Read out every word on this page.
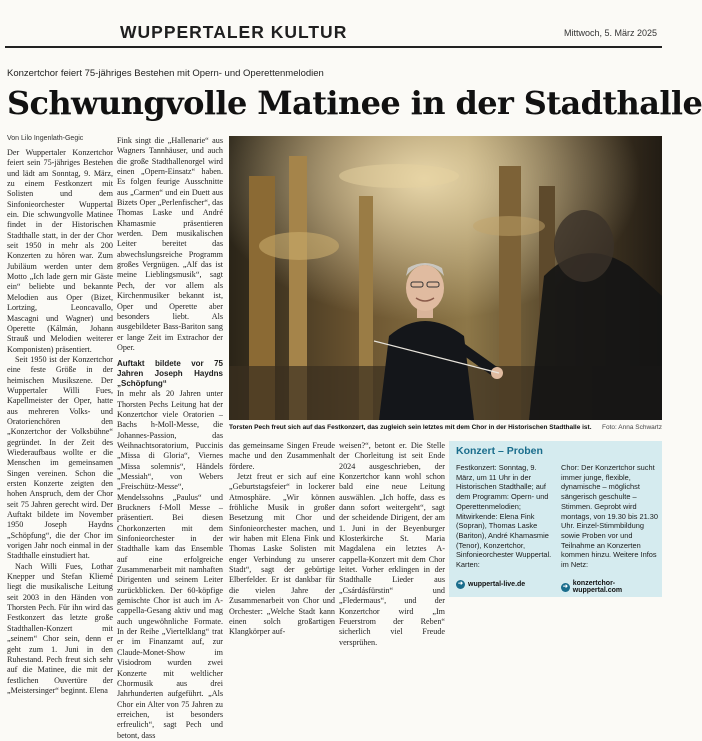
WUPPERTALER KULTUR	Mittwoch, 5. März 2025
Konzertchor feiert 75-jähriges Bestehen mit Opern- und Operettenmelodien
Schwungvolle Matinee in der Stadthalle
Von Lilo Ingenlath-Gegic

Der Wuppertaler Konzertchor feiert sein 75-jähriges Bestehen und lädt am Sonntag, 9. März, zu einem Festkonzert mit Solisten und dem Sinfonieorchester Wuppertal ein. Die schwungvolle Matinee findet in der Historischen Stadthalle statt, in der der Chor seit 1950 in mehr als 200 Konzerten zu hören war. Zum Jubiläum werden unter dem Motto „Ich lade gern mir Gäste ein“ beliebte und bekannte Melodien aus Oper (Bizet, Lortzing, Leoncavallo, Mascagni und Wagner) und Operette (Kálmán, Johann Strauß und Melodien weiterer Komponisten) präsentiert.

Seit 1950 ist der Konzertchor eine feste Größe in der heimischen Musikszene. Der Wuppertaler Willi Fues, Kapellmeister der Oper, hatte aus mehreren Volks- und Oratorienchören den „Konzertchor der Volksbühne“ gegründet. In der Zeit des Wiederaufbaus wollte er die Menschen im gemeinsamen Singen vereinen. Schon die ersten Konzerte zeigten den hohen Anspruch, dem der Chor seit 75 Jahren gerecht wird. Der Auftakt bildete im November 1950 Joseph Haydns „Schöpfung“, die der Chor im vorigen Jahr noch einmal in der Stadthalle einstudiert hat.

Nach Willi Fues, Lothar Knepper und Stefan Kliemé liegt die musikalische Leitung seit 2003 in den Händen von Thorsten Pech. Für ihn wird das Festkonzert das letzte große Stadthallen-Konzert mit „seinem“ Chor sein, denn er geht zum 1. Juni in den Ruhestand. Pech freut sich sehr auf die Matinee, die mit der festlichen Ouvertüre der „Meistersinger“ beginnt. Elena

Fink singt die „Hallenarie“ aus Wagners Tannhäuser, und auch die große Stadthallenorgel wird einen „Opern-Einsatz“ haben. Es folgen feurige Ausschnitte aus „Carmen“ und ein Duett aus Bizets Oper „Perlenfischer“, das Thomas Laske und André Khamasmie präsentieren werden. Dem musikalischen Leiter bereitet das abwechslungsreiche Programm großes Vergnügen. „Alf das ist meine Lieblingsmusik“, sagt Pech, der vor allem als Kirchenmusiker bekannt ist, Oper und Operette aber besonders liebt. Als ausgebildeter Bass-Bariton sang er lange Zeit im Extrachor der Oper.

Auftakt bildete vor 75 Jahren Joseph Haydns „Schöpfung“

In mehr als 20 Jahren unter Thorsten Pechs Leitung hat der Konzertchor viele Oratorien – Bachs h-Moll-Messe, die Johannes-Passion, das Weihnachtsoratorium, Puccinis „Missa di Gloria“, Viernes „Missa solemnis“, Händels „Messiah“, von Webers „Freischütz-Messe“, Mendelssohns „Paulus“ und Bruckners f-Moll Messe – präsentiert. Bei diesen Chorkonzerten mit dem Sinfonieorchester in der Stadthalle kam das Ensemble auf eine erfolgreiche Zusammenarbeit mit namhaften Dirigenten und seinem Leiter zurückblicken. Der 60-köpfige gemischte Chor ist auch im A-cappella-Gesang aktiv und mag auch ungewöhnliche Formate. In der Reihe „Viertelklang“ trat er im Finanzamt auf, zur Claude-Monet-Show im Visiodrom wurden zwei Konzerte mit weltlicher Chormusik aus drei Jahrhunderten aufgeführt. „Als Chor ein Alter von 75 Jahren zu erreichen, ist besonders erfreulich“, sagt Pech und betont, dass

Torsten Pech freut sich auf das Festkonzert, das zugleich sein letztes mit dem Chor in der Historischen Stadthalle ist. Foto: Anna Schwartz

das gemeinsame Singen Freude mache und den Zusammenhalt fördere.

Jetzt freut er sich auf eine „Geburtstagsfeier“ in lockerer Atmosphäre. „Wir können fröhliche Musik in großer Besetzung mit Chor und Sinfonieorchester machen, und wir haben mit Elena Fink und Thomas Laske Solisten mit enger Verbindung zu unserer Stadt“, sagt der gebürtige Elberfelder. Er ist dankbar für die vielen Jahre der Zusammenarbeit von Chor und Orchester: „Welche Stadt kann einen solch großartigen Klangkörper auf-

weisen?“, betont er. Die Stelle der Chorleitung ist seit Ende 2024 ausgeschrieben, der Konzertchor kann wohl schon bald eine neue Leitung auswählen. „Ich hoffe, dass es dann sofort weitergeht“, sagt der scheidende Dirigent, der am 1. Juni in der Beyenburger Klosterkirche St. Maria Magdalena ein letztes A-cappella-Konzert mit dem Chor leitet. Vorher erklingen in der Stadthalle Lieder aus „Csárdásfürstin“ und „Fledermaus“, und der Konzertchor wird „Im Feuerstrom der Reben“ sicherlich viel Freude versprühen.

Konzert – Proben
Festkonzert: Sonntag, 9. März, um 11 Uhr in der Historischen Stadthalle; auf dem Programm: Opern- und Operettenmelodien; Mitwirkende: Elena Fink (Sopran), Thomas Laske (Bariton), André Khamasmie (Tenor), Konzertchor, Sinfonieorchester Wuppertal. Karten:
Chor: Der Konzertchor sucht immer junge, flexible, dynamische – möglichst sängerisch geschulte – Stimmen. Geprobt wird montags, von 19.30 bis 21.30 Uhr. Einzel-Stimmbildung sowie Proben vor und Teilnahme an Konzerten kommen hinzu. Weitere Infos im Netz:
➜ wuppertal-live.de	➜ konzertchor-wuppertal.com
